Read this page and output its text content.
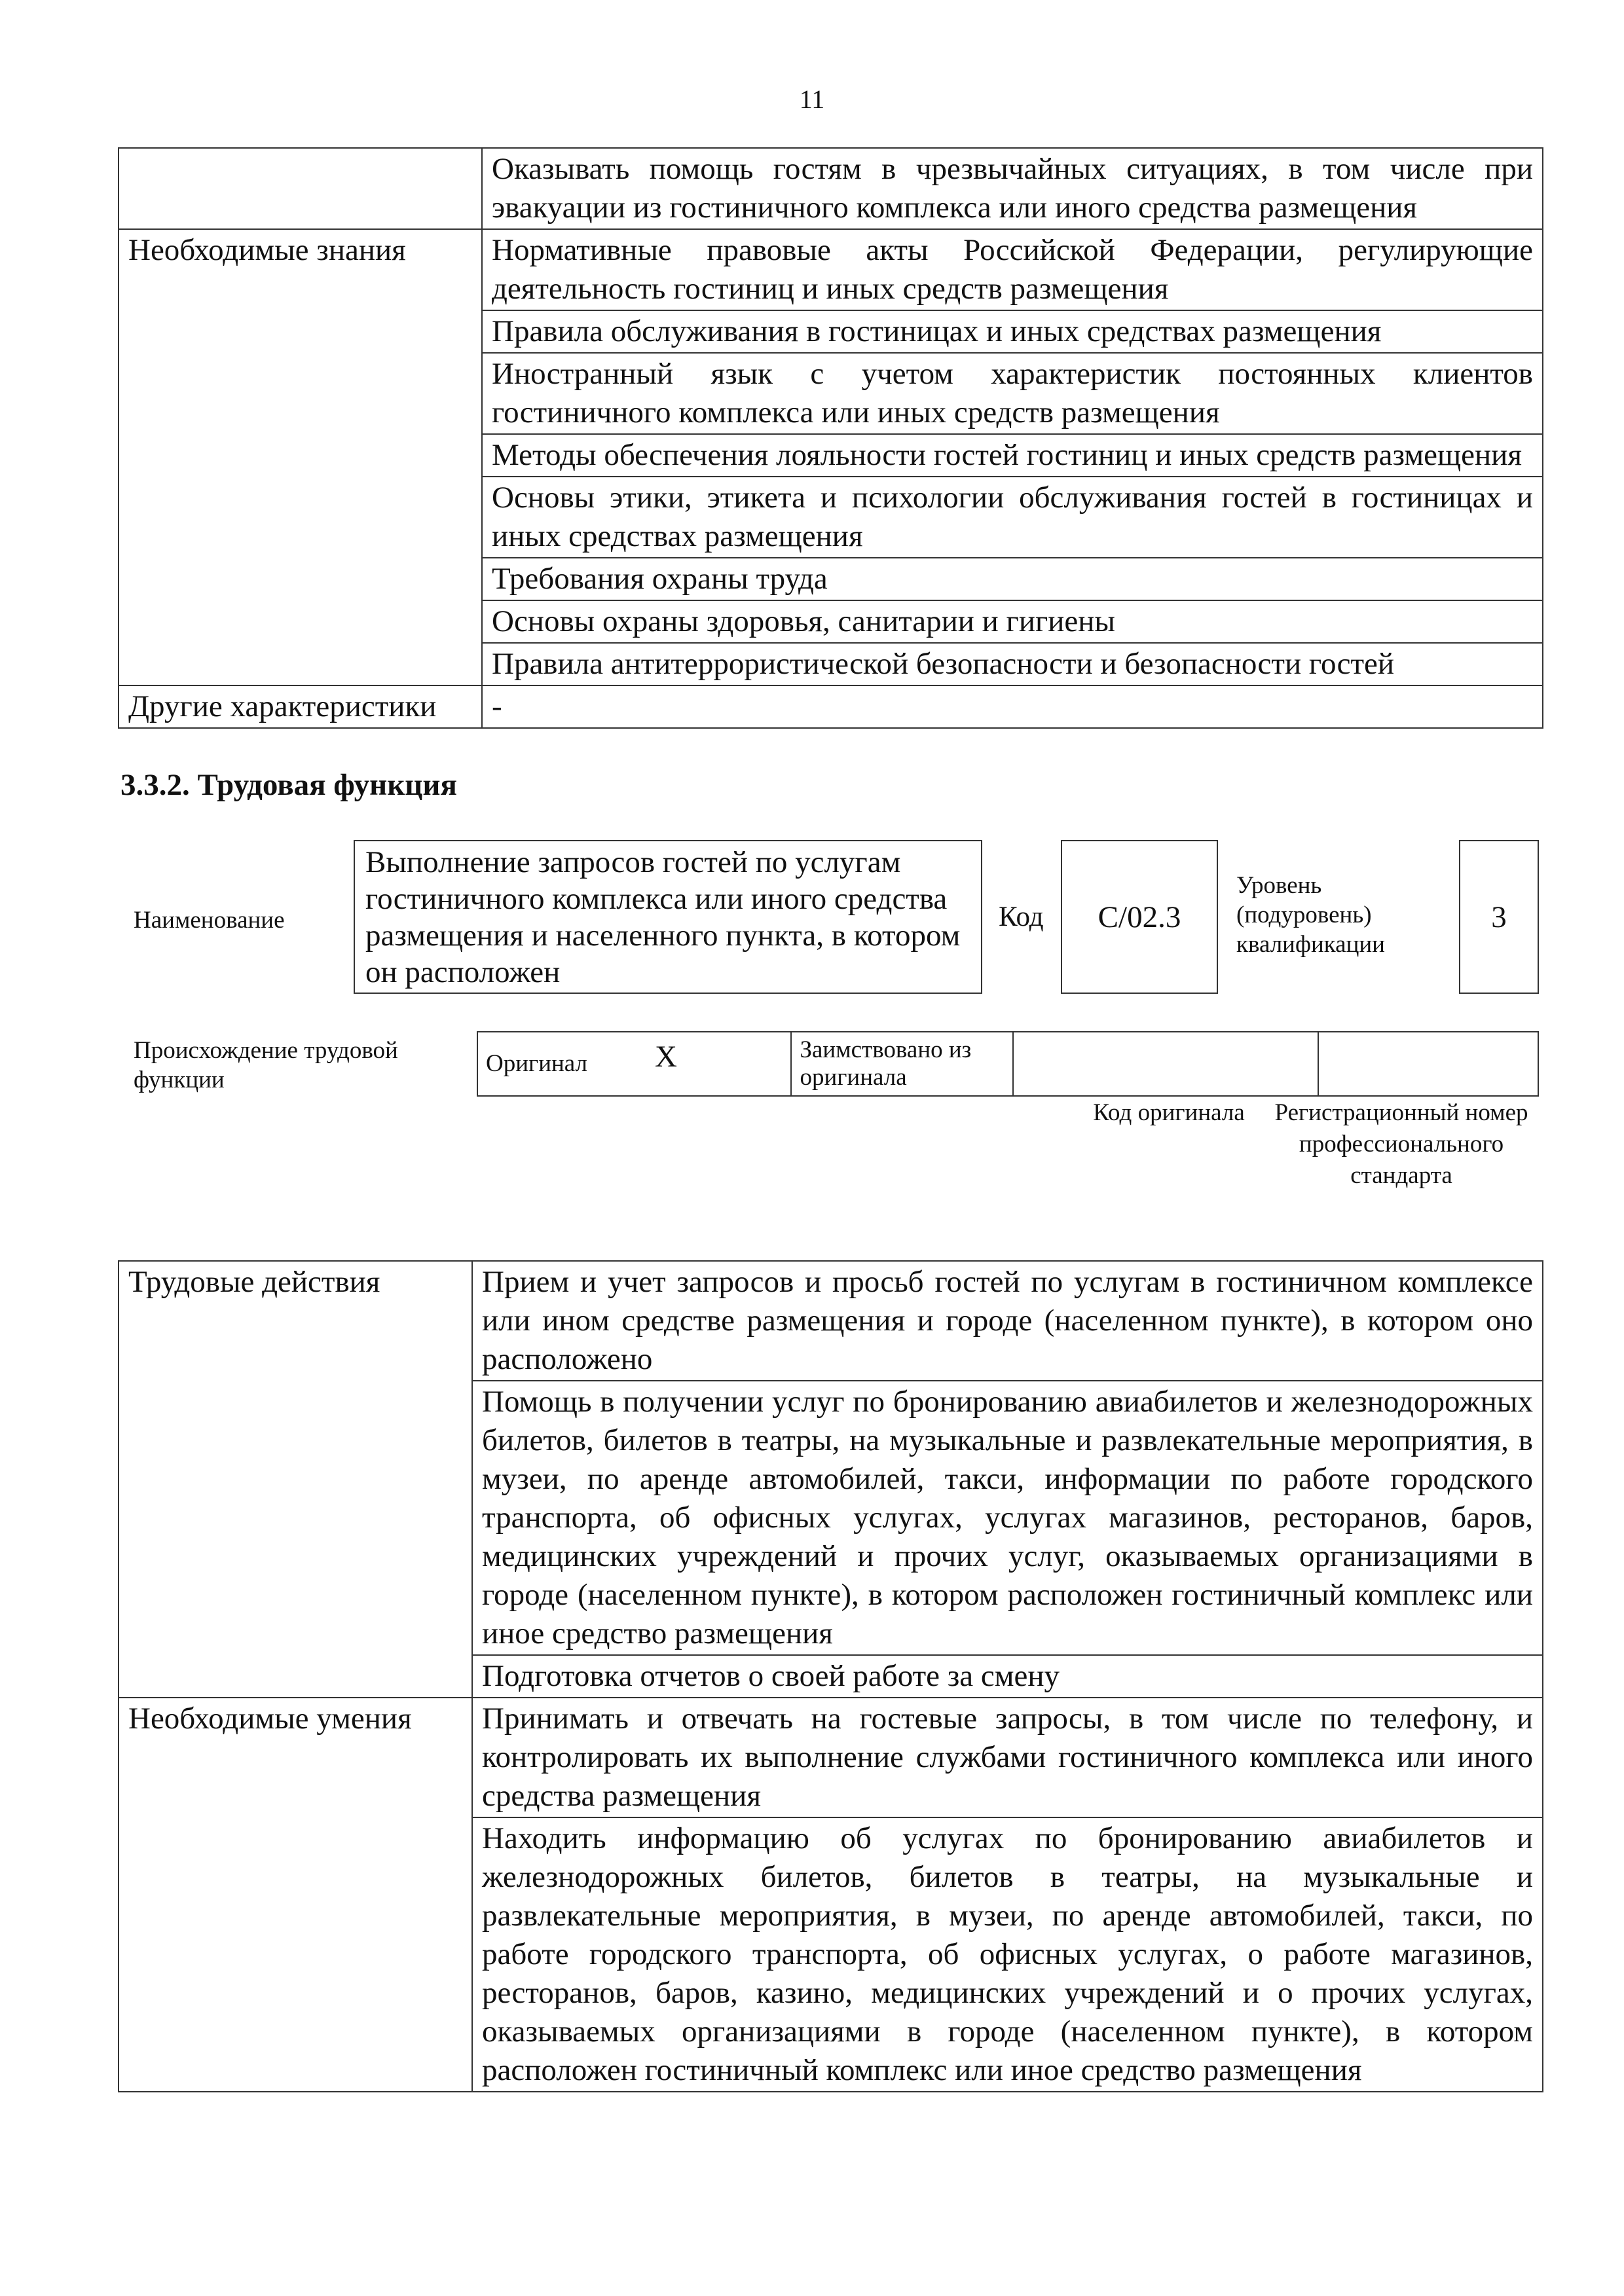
11
	Оказывать помощь гостям в чрезвычайных ситуациях, в том числе при эвакуации из гостиничного комплекса или иного средства размещения
Необходимые знания	Нормативные правовые акты Российской Федерации, регулирующие деятельность гостиниц и иных средств размещения
	Правила обслуживания в гостиницах и иных средствах размещения
	Иностранный язык с учетом характеристик постоянных клиентов гостиничного комплекса или иных средств размещения
	Методы обеспечения лояльности гостей гостиниц и иных средств размещения
	Основы этики, этикета и психологии обслуживания гостей в гостиницах и иных средствах размещения
	Требования охраны труда
	Основы охраны здоровья, санитарии и гигиены
	Правила антитеррористической безопасности и безопасности гостей
Другие характеристики	-
3.3.2. Трудовая функция
Наименование
Выполнение запросов гостей по услугам гостиничного комплекса или иного средства размещения и населенного пункта, в котором он расположен
Код C/02.3
Уровень (подуровень) квалификации
3
Происхождение трудовой функции
Оригинал X	Заимствовано из оригинала		
Код оригинала	Регистрационный номер профессионального стандарта
Трудовые действия	Прием и учет запросов и просьб гостей по услугам в гостиничном комплексе или ином средстве размещения и городе (населенном пункте), в котором оно расположено
	Помощь в получении услуг по бронированию авиабилетов и железнодорожных билетов, билетов в театры, на музыкальные и развлекательные мероприятия, в музеи, по аренде автомобилей, такси, информации по работе городского транспорта, об офисных услугах, услугах магазинов, ресторанов, баров, медицинских учреждений и прочих услуг, оказываемых организациями в городе (населенном пункте), в котором расположен гостиничный комплекс или иное средство размещения
	Подготовка отчетов о своей работе за смену
Необходимые умения	Принимать и отвечать на гостевые запросы, в том числе по телефону, и контролировать их выполнение службами гостиничного комплекса или иного средства размещения
	Находить информацию об услугах по бронированию авиабилетов и железнодорожных билетов, билетов в театры, на музыкальные и развлекательные мероприятия, в музеи, по аренде автомобилей, такси, по работе городского транспорта, об офисных услугах, о работе магазинов, ресторанов, баров, казино, медицинских учреждений и о прочих услугах, оказываемых организациями в городе (населенном пункте), в котором расположен гостиничный комплекс или иное средство размещения
